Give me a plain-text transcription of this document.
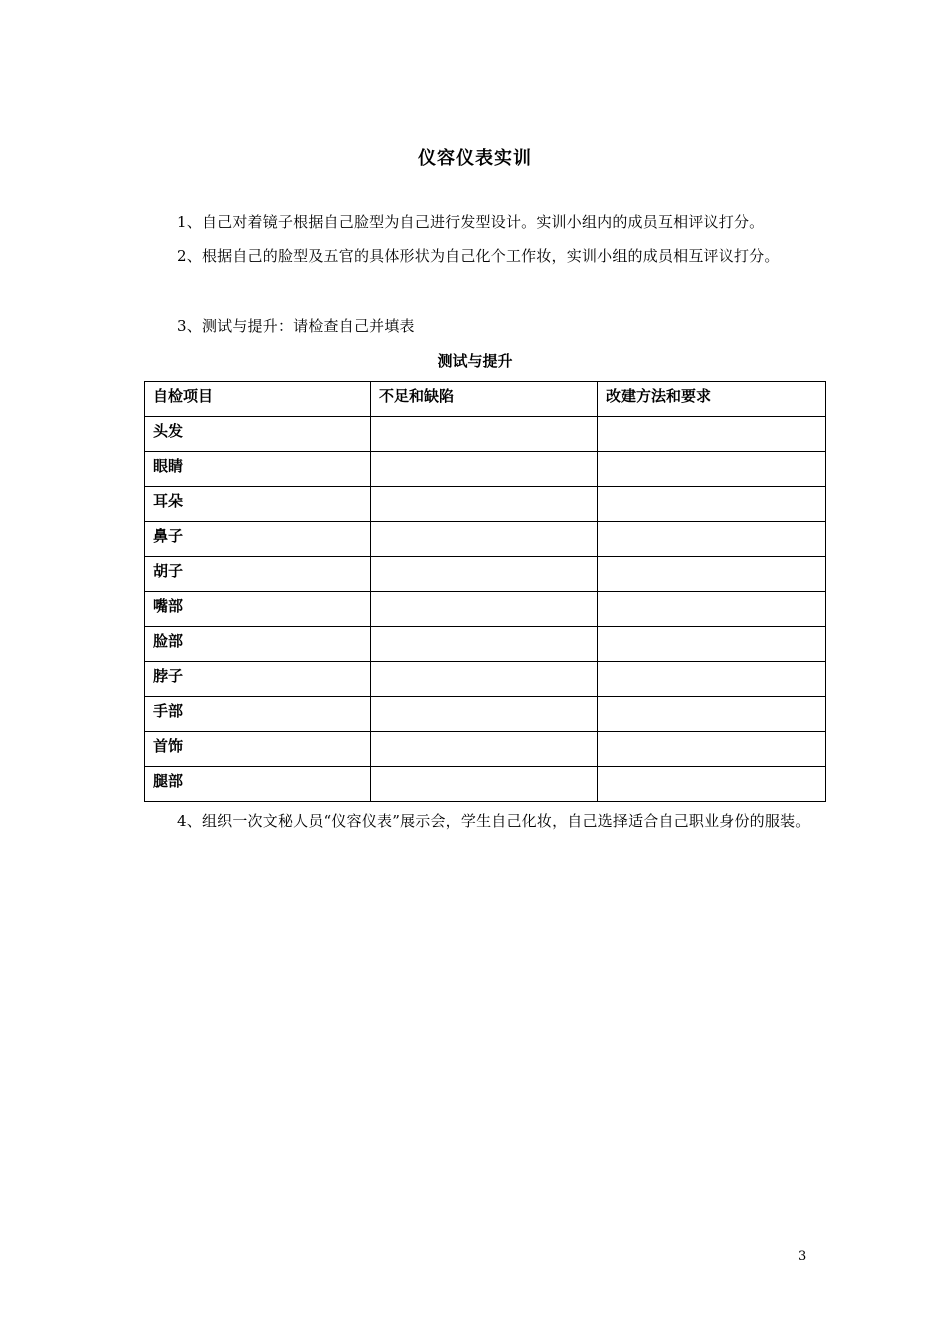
仪容仪表实训

1、自己对着镜子根据自己脸型为自己进行发型设计。实训小组内的成员互相评议打分。

2、根据自己的脸型及五官的具体形状为自己化个工作妆，实训小组的成员相互评议打分。

3、测试与提升：请检查自己并填表

测试与提升
自检项目	不足和缺陷	改建方法和要求
头发		
眼睛		
耳朵		
鼻子		
胡子		
嘴部		
脸部		
脖子		
手部		
首饰		
腿部		

4、组织一次文秘人员“仪容仪表”展示会，学生自己化妆，自己选择适合自己职业身份的服装。

3
